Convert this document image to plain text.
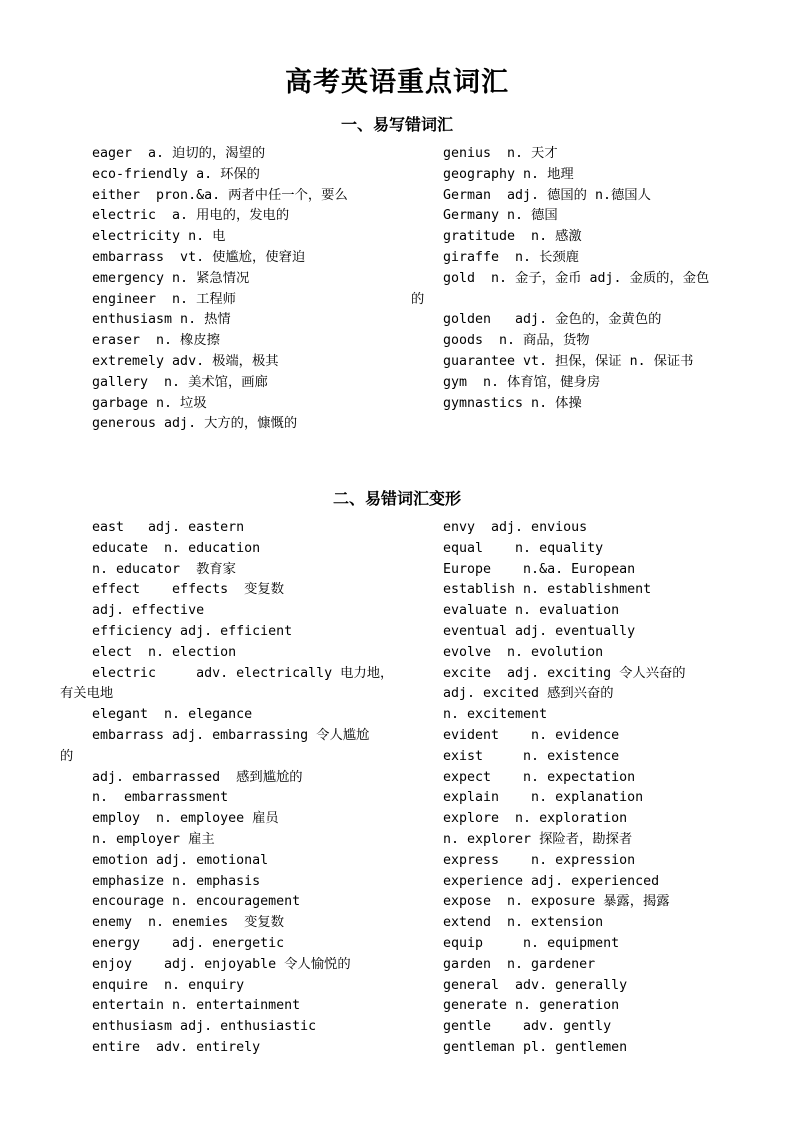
高考英语重点词汇
一、易写错词汇
eager  a. 迫切的，渴望的
eco-friendly a. 环保的
either  pron.&a. 两者中任一个，要么
electric  a. 用电的，发电的
electricity n. 电
embarrass  vt. 使尴尬，使窘迫
emergency n. 紧急情况
engineer  n. 工程师
enthusiasm n. 热情
eraser  n. 橡皮擦
extremely adv. 极端，极其
gallery  n. 美术馆，画廊
garbage n. 垃圾
generous adj. 大方的，慷慨的
genius  n. 天才
geography n. 地理
German  adj. 德国的 n.德国人
Germany n. 德国
gratitude  n. 感激
giraffe  n. 长颈鹿
gold  n. 金子，金币 adj. 金质的，金色
的
golden   adj. 金色的，金黄色的
goods  n. 商品，货物
guarantee vt. 担保，保证 n. 保证书
gym  n. 体育馆，健身房
gymnastics n. 体操
二、易错词汇变形
east   adj. eastern
educate  n. education
n. educator  教育家
effect    effects  变复数
adj. effective
efficiency adj. efficient
elect  n. election
electric     adv. electrically 电力地，
有关电地
elegant  n. elegance
embarrass adj. embarrassing 令人尴尬
的
adj. embarrassed  感到尴尬的
n.  embarrassment
employ  n. employee 雇员
n. employer 雇主
emotion adj. emotional
emphasize n. emphasis
encourage n. encouragement
enemy  n. enemies  变复数
energy    adj. energetic
enjoy    adj. enjoyable 令人愉悦的
enquire  n. enquiry
entertain n. entertainment
enthusiasm adj. enthusiastic
entire  adv. entirely
envy  adj. envious
equal    n. equality
Europe    n.&a. European
establish n. establishment
evaluate n. evaluation
eventual adj. eventually
evolve  n. evolution
excite  adj. exciting 令人兴奋的
adj. excited 感到兴奋的
n. excitement
evident    n. evidence
exist     n. existence
expect    n. expectation
explain    n. explanation
explore  n. exploration
n. explorer 探险者，勘探者
express    n. expression
experience adj. experienced
expose  n. exposure 暴露，揭露
extend  n. extension
equip     n. equipment
garden  n. gardener
general  adv. generally
generate n. generation
gentle    adv. gently
gentleman pl. gentlemen
